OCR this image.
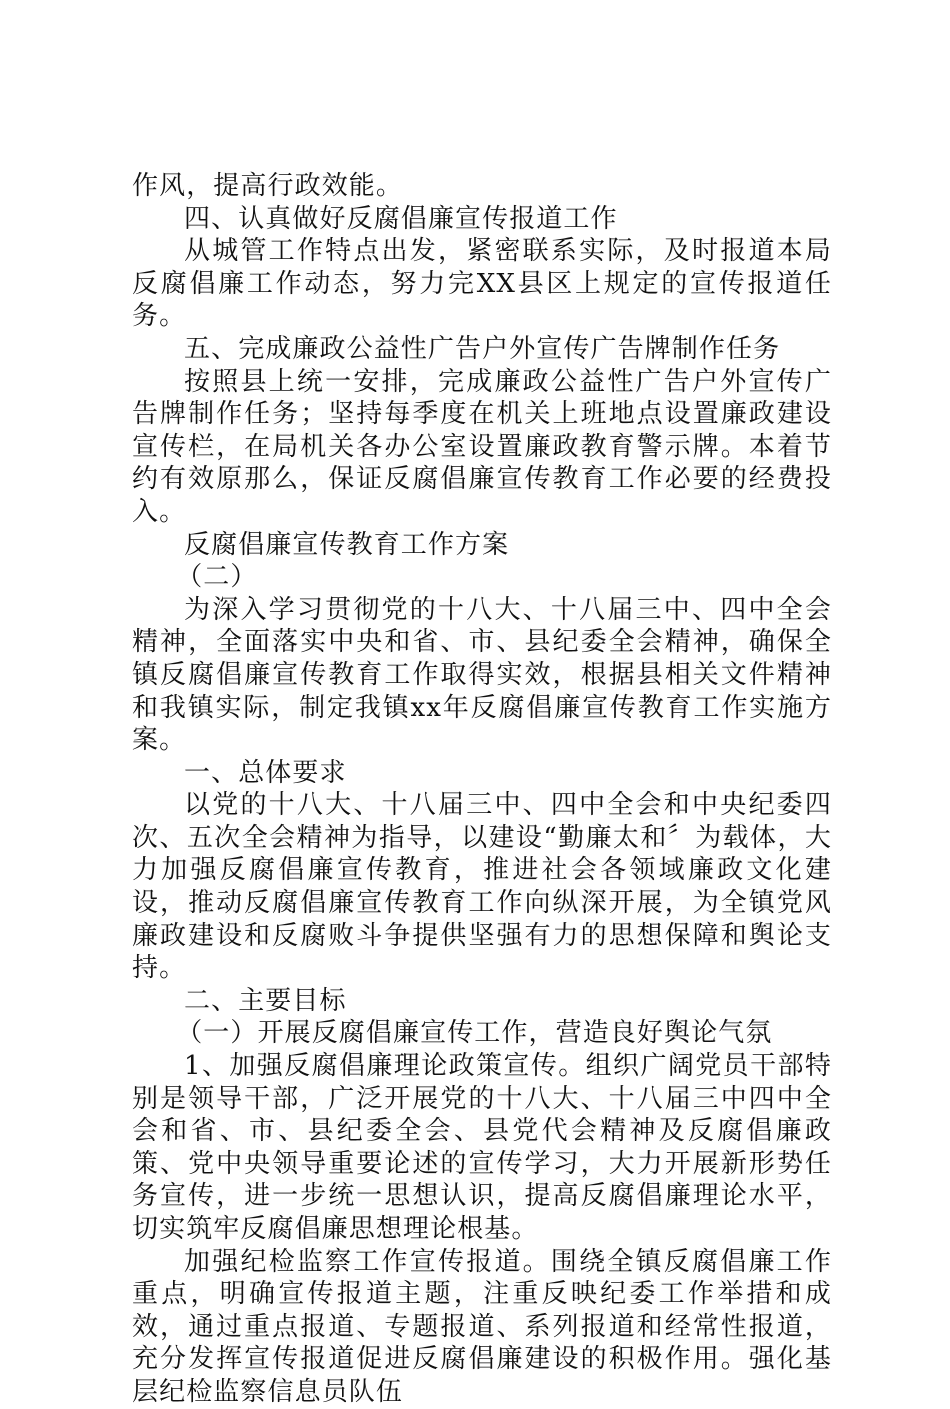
作风，提高行政效能。

四、认真做好反腐倡廉宣传报道工作

从城管工作特点出发，紧密联系实际，及时报道本局反腐倡廉工作动态，努力完XX县区上规定的宣传报道任务。

五、完成廉政公益性广告户外宣传广告牌制作任务

按照县上统一安排，完成廉政公益性广告户外宣传广告牌制作任务；坚持每季度在机关上班地点设置廉政建设宣传栏，在局机关各办公室设置廉政教育警示牌。本着节约有效原那么，保证反腐倡廉宣传教育工作必要的经费投入。

反腐倡廉宣传教育工作方案

（二）

为深入学习贯彻党的十八大、十八届三中、四中全会精神，全面落实中央和省、市、县纪委全会精神，确保全镇反腐倡廉宣传教育工作取得实效，根据县相关文件精神和我镇实际，制定我镇xx年反腐倡廉宣传教育工作实施方案。

一、总体要求

以党的十八大、十八届三中、四中全会和中央纪委四次、五次全会精神为指导，以建设“勤廉太和〞为载体，大力加强反腐倡廉宣传教育，推进社会各领域廉政文化建设，推动反腐倡廉宣传教育工作向纵深开展，为全镇党风廉政建设和反腐败斗争提供坚强有力的思想保障和舆论支持。

二、主要目标

（一）开展反腐倡廉宣传工作，营造良好舆论气氛

1、加强反腐倡廉理论政策宣传。组织广阔党员干部特别是领导干部，广泛开展党的十八大、十八届三中四中全会和省、市、县纪委全会、县党代会精神及反腐倡廉政策、党中央领导重要论述的宣传学习，大力开展新形势任务宣传，进一步统一思想认识，提高反腐倡廉理论水平，切实筑牢反腐倡廉思想理论根基。

加强纪检监察工作宣传报道。围绕全镇反腐倡廉工作重点，明确宣传报道主题，注重反映纪委工作举措和成效，通过重点报道、专题报道、系列报道和经常性报道，充分发挥宣传报道促进反腐倡廉建设的积极作用。强化基层纪检监察信息员队伍
